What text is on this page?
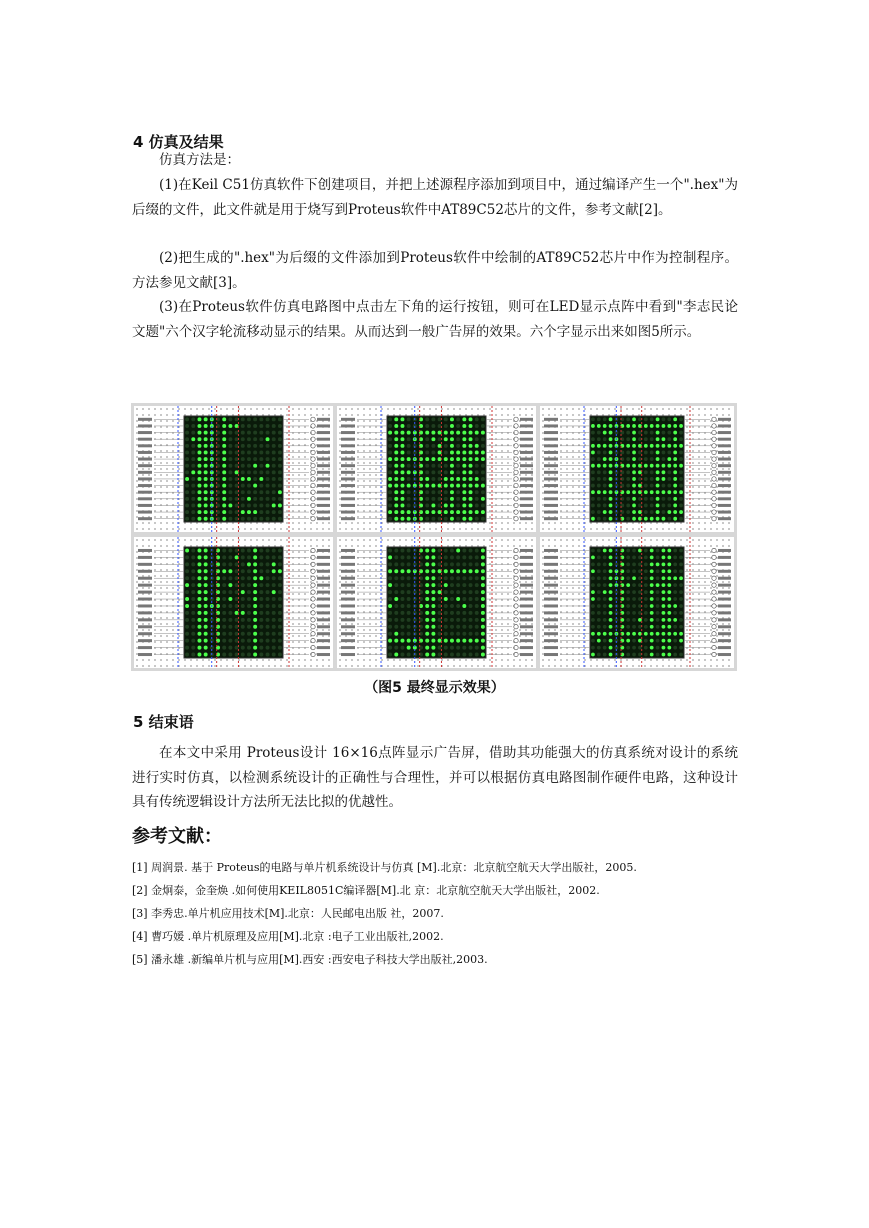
4 仿真及结果

仿真方法是：

(1)在Keil C51仿真软件下创建项目，并把上述源程序添加到项目中，通过编译产生一个".hex"为后缀的文件，此文件就是用于烧写到Proteus软件中AT89C52芯片的文件，参考文献[2]。

(2)把生成的".hex"为后缀的文件添加到Proteus软件中绘制的AT89C52芯片中作为控制程序。方法参见文献[3]。

(3)在Proteus软件仿真电路图中点击左下角的运行按钮，则可在LED显示点阵中看到"李志民论文题"六个汉字轮流移动显示的结果。从而达到一般广告屏的效果。六个字显示出来如图5所示。

（图5 最终显示效果）
5 结束语

在本文中采用 Proteus设计 16×16点阵显示广告屏，借助其功能强大的仿真系统对设计的系统进行实时仿真，以检测系统设计的正确性与合理性，并可以根据仿真电路图制作硬件电路，这种设计具有传统逻辑设计方法所无法比拟的优越性。

参考文献：
[1] 周润景. 基于 Proteus的电路与单片机系统设计与仿真 [M].北京：北京航空航天大学出版社，2005.
[2] 金炯泰，金奎焕 .如何使用KEIL8051C编译器[M].北 京：北京航空航天大学出版社，2002.
[3] 李秀忠.单片机应用技术[M].北京：人民邮电出版 社，2007.
[4] 曹巧媛 .单片机原理及应用[M].北京 :电子工业出版社,2002.
[5] 潘永雄 .新编单片机与应用[M].西安 :西安电子科技大学出版社,2003.
